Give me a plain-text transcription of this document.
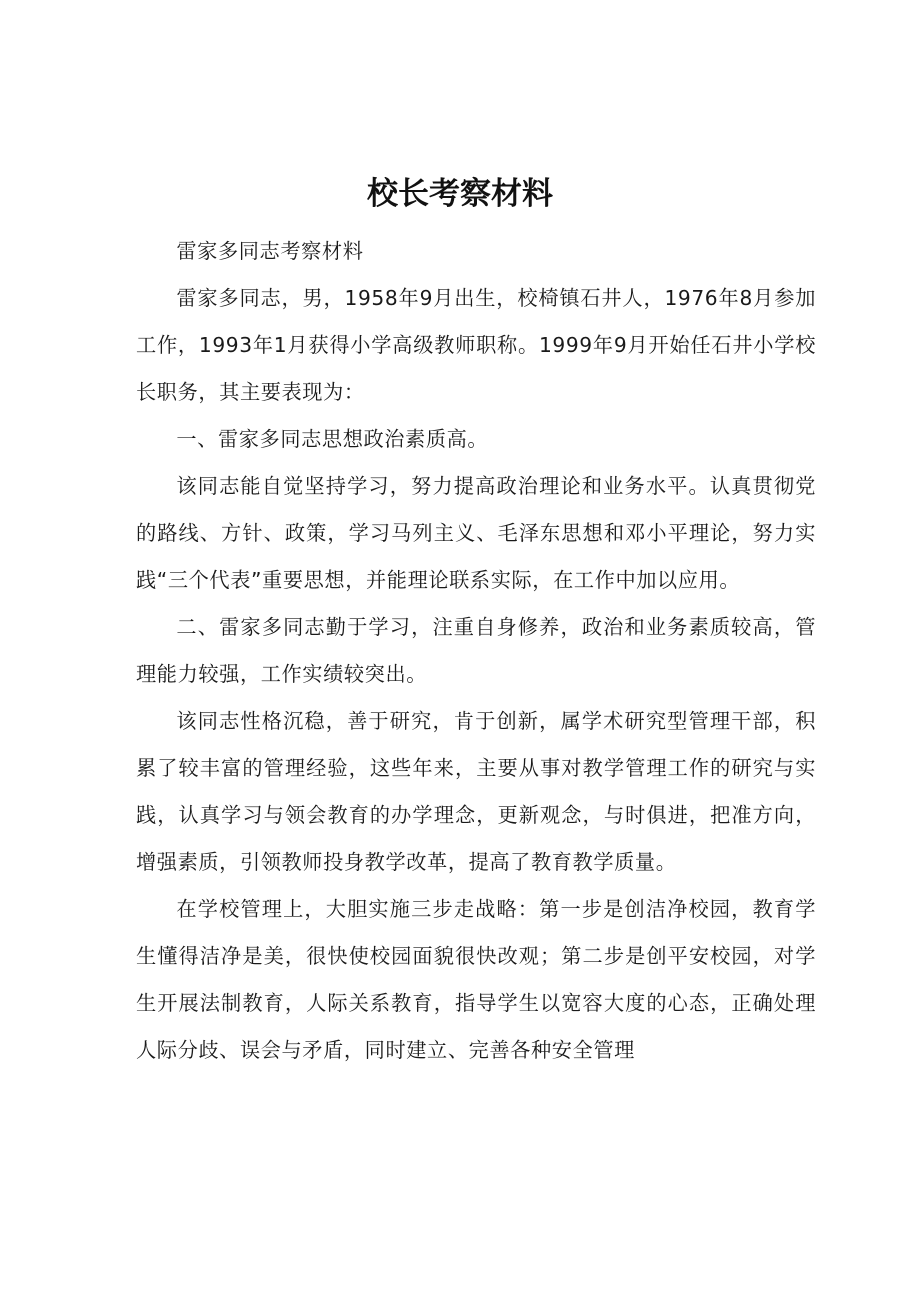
校长考察材料

雷家多同志考察材料

雷家多同志，男，1958年9月出生，校椅镇石井人，1976年8月参加工作，1993年1月获得小学高级教师职称。1999年9月开始任石井小学校长职务，其主要表现为：

一、雷家多同志思想政治素质高。

该同志能自觉坚持学习，努力提高政治理论和业务水平。认真贯彻党的路线、方针、政策，学习马列主义、毛泽东思想和邓小平理论，努力实践“三个代表”重要思想，并能理论联系实际，在工作中加以应用。

二、雷家多同志勤于学习，注重自身修养，政治和业务素质较高，管理能力较强，工作实绩较突出。

该同志性格沉稳，善于研究，肯于创新，属学术研究型管理干部，积累了较丰富的管理经验，这些年来，主要从事对教学管理工作的研究与实践，认真学习与领会教育的办学理念，更新观念，与时俱进，把准方向，增强素质，引领教师投身教学改革，提高了教育教学质量。

在学校管理上，大胆实施三步走战略：第一步是创洁净校园，教育学生懂得洁净是美，很快使校园面貌很快改观；第二步是创平安校园，对学生开展法制教育，人际关系教育，指导学生以宽容大度的心态，正确处理人际分歧、误会与矛盾，同时建立、完善各种安全管理
